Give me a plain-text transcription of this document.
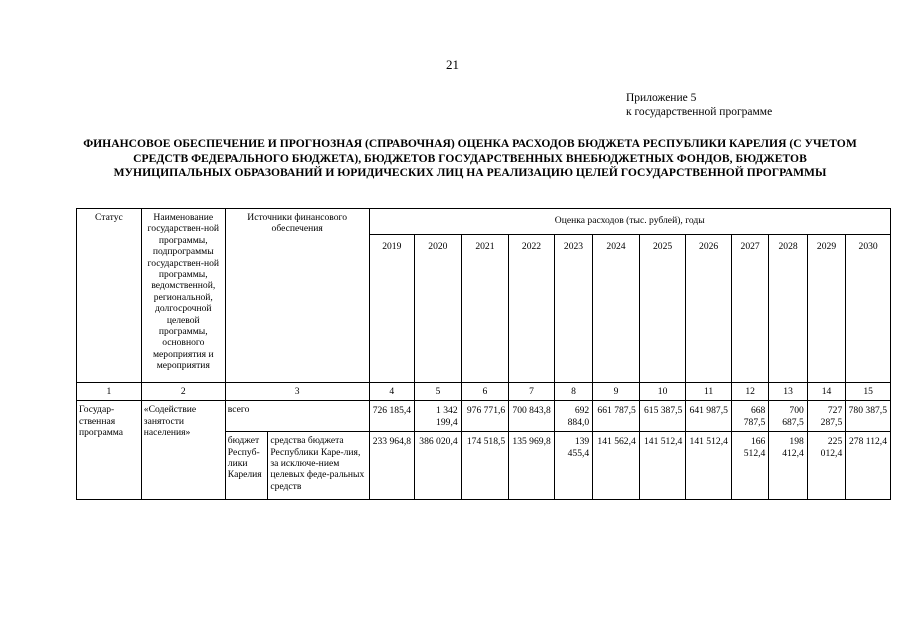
21
Приложение 5
к государственной программе
ФИНАНСОВОЕ ОБЕСПЕЧЕНИЕ И ПРОГНОЗНАЯ (СПРАВОЧНАЯ) ОЦЕНКА РАСХОДОВ БЮДЖЕТА РЕСПУБЛИКИ КАРЕЛИЯ (С УЧЕТОМ СРЕДСТВ ФЕДЕРАЛЬНОГО БЮДЖЕТА), БЮДЖЕТОВ ГОСУДАРСТВЕННЫХ ВНЕБЮДЖЕТНЫХ ФОНДОВ, БЮДЖЕТОВ МУНИЦИПАЛЬНЫХ ОБРАЗОВАНИЙ И ЮРИДИЧЕСКИХ ЛИЦ НА РЕАЛИЗАЦИЮ ЦЕЛЕЙ ГОСУДАРСТВЕННОЙ ПРОГРАММЫ
Статус	Наименование государствен-ной программы, подпрограммы государствен-ной программы, ведомственной, региональной, долгосрочной целевой программы, основного мероприятия и мероприятия	Источники финансового обеспечения		Оценка расходов (тыс. рублей), годы											
				2019	2020	2021	2022	2023	2024	2025	2026	2027	2028	2029	2030
1	2	3		4	5	6	7	8	9	10	11	12	13	14	15
Государ-ственная программа	«Содействие занятости населения»	всего		726 185,4	1 342 199,4	976 771,6	700 843,8	692 884,0	661 787,5	615 387,5	641 987,5	668 787,5	700 687,5	727 287,5	780 387,5
		бюджет Респуб-лики Карелия	средства бюджета Республики Каре-лия, за исключе-нием целевых феде-ральных средств	233 964,8	386 020,4	174 518,5	135 969,8	139 455,4	141 562,4	141 512,4	141 512,4	166 512,4	198 412,4	225 012,4	278 112,4
